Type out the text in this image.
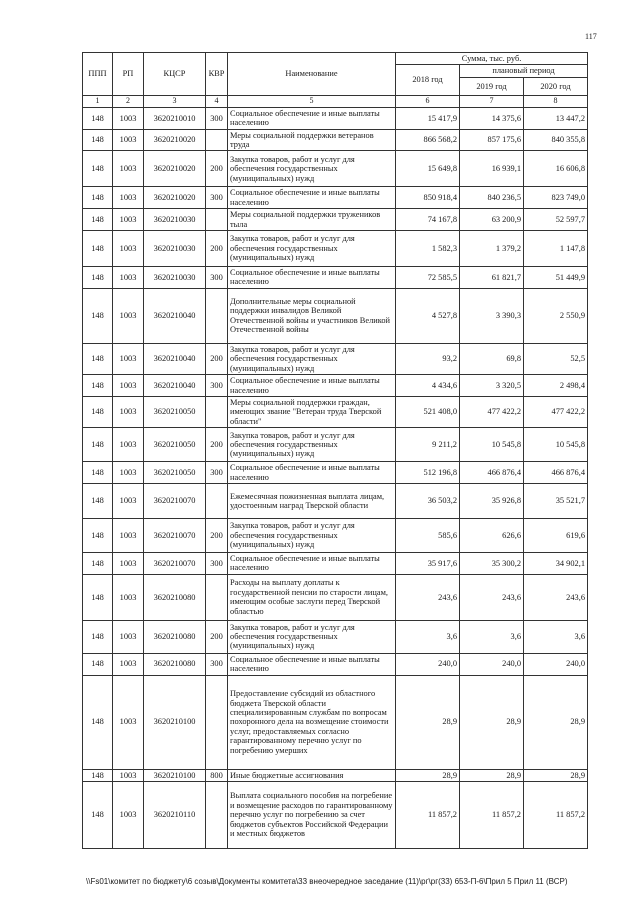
117
ППП	РП	КЦСР	КВР	Наименование	Сумма, тыс. руб.		
					2018 год	плановый период	
						2019 год	2020 год
1	2	3	4	5	6	7	8
148	1003	3620210010	300	Социальное обеспечение и иные выплаты населению	15 417,9	14 375,6	13 447,2
148	1003	3620210020		Меры социальной поддержки ветеранов труда	866 568,2	857 175,6	840 355,8
148	1003	3620210020	200	Закупка товаров, работ и услуг для обеспечения государственных (муниципальных) нужд	15 649,8	16 939,1	16 606,8
148	1003	3620210020	300	Социальное обеспечение и иные выплаты населению	850 918,4	840 236,5	823 749,0
148	1003	3620210030		Меры социальной поддержки тружеников тыла	74 167,8	63 200,9	52 597,7
148	1003	3620210030	200	Закупка товаров, работ и услуг для обеспечения государственных (муниципальных) нужд	1 582,3	1 379,2	1 147,8
148	1003	3620210030	300	Социальное обеспечение и иные выплаты населению	72 585,5	61 821,7	51 449,9
148	1003	3620210040		Дополнительные меры социальной поддержки инвалидов Великой Отечественной войны и участников Великой Отечественной войны	4 527,8	3 390,3	2 550,9
148	1003	3620210040	200	Закупка товаров, работ и услуг для обеспечения государственных (муниципальных) нужд	93,2	69,8	52,5
148	1003	3620210040	300	Социальное обеспечение и иные выплаты населению	4 434,6	3 320,5	2 498,4
148	1003	3620210050		Меры социальной поддержки граждан, имеющих звание "Ветеран труда Тверской области"	521 408,0	477 422,2	477 422,2
148	1003	3620210050	200	Закупка товаров, работ и услуг для обеспечения государственных (муниципальных) нужд	9 211,2	10 545,8	10 545,8
148	1003	3620210050	300	Социальное обеспечение и иные выплаты населению	512 196,8	466 876,4	466 876,4
148	1003	3620210070		Ежемесячная пожизненная выплата лицам, удостоенным наград Тверской области	36 503,2	35 926,8	35 521,7
148	1003	3620210070	200	Закупка товаров, работ и услуг для обеспечения государственных (муниципальных) нужд	585,6	626,6	619,6
148	1003	3620210070	300	Социальное обеспечение и иные выплаты населению	35 917,6	35 300,2	34 902,1
148	1003	3620210080		Расходы на выплату доплаты к государственной пенсии по старости лицам, имеющим особые заслуги перед Тверской областью	243,6	243,6	243,6
148	1003	3620210080	200	Закупка товаров, работ и услуг для обеспечения государственных (муниципальных) нужд	3,6	3,6	3,6
148	1003	3620210080	300	Социальное обеспечение и иные выплаты населению	240,0	240,0	240,0
148	1003	3620210100		Предоставление субсидий из областного бюджета Тверской области специализированным службам по вопросам похоронного дела на возмещение стоимости услуг, предоставляемых согласно гарантированному перечню услуг по погребению умерших	28,9	28,9	28,9
148	1003	3620210100	800	Иные бюджетные ассигнования	28,9	28,9	28,9
148	1003	3620210110		Выплата социального пособия на погребение и возмещение расходов по гарантированному перечню услуг по погребению за счет бюджетов субъектов Российской Федерации и местных бюджетов	11 857,2	11 857,2	11 857,2
\\Fs01\комитет по бюджету\6 созыв\Документы комитета\33 внеочередное заседание (11)\рг\рг(33) 653-П-6\Прил 5 Прил 11 (ВСР)
